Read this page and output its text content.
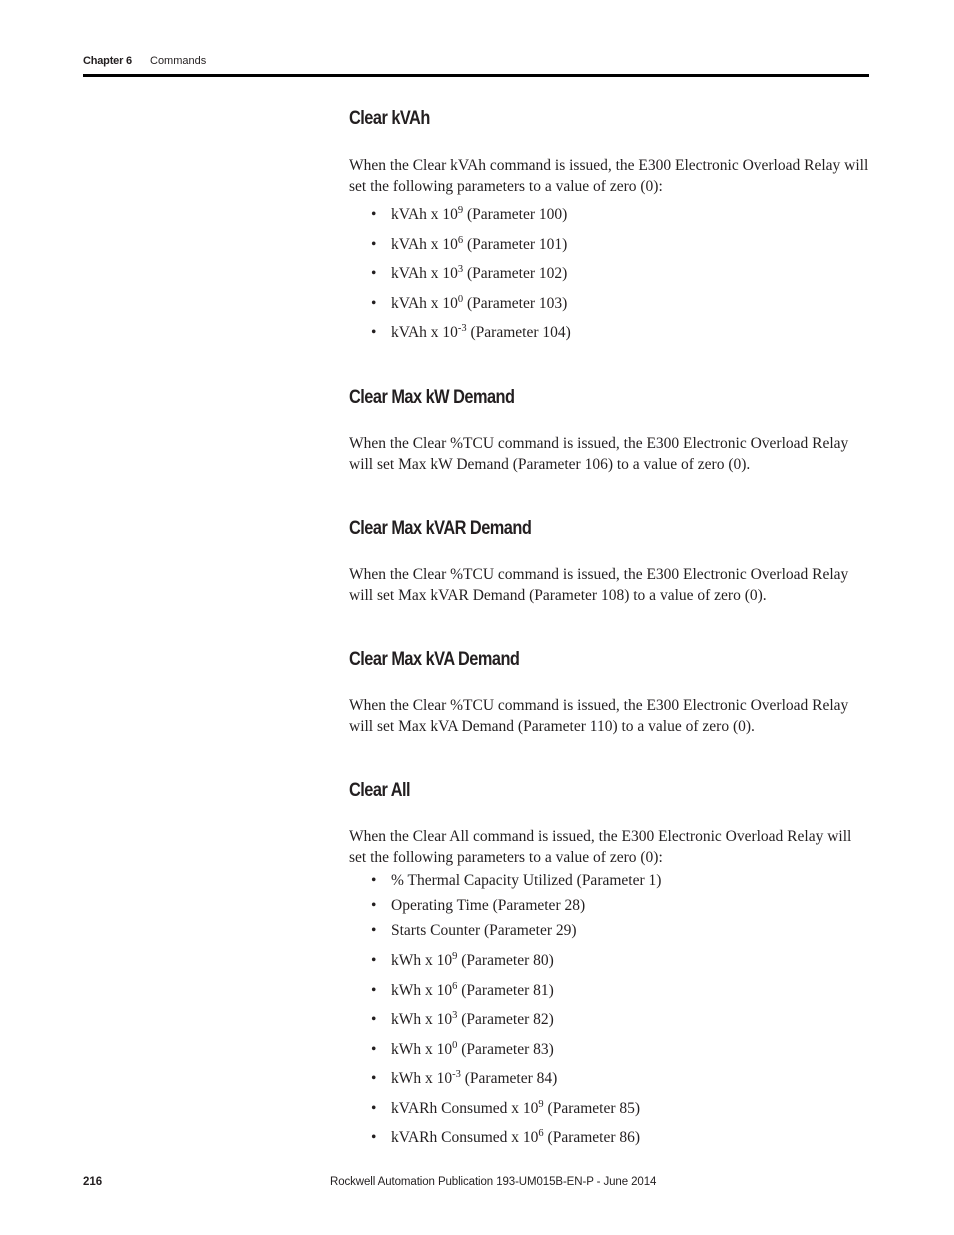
Chapter 6 Commands
Clear kVAh
When the Clear kVAh command is issued, the E300 Electronic Overload Relay will set the following parameters to a value of zero (0):
• kVAh x $10^9$ (Parameter 100)
• kVAh x $10^6$ (Parameter 101)
• kVAh x $10^3$ (Parameter 102)
• kVAh x $10^0$ (Parameter 103)
• kVAh x $10^{-3}$ (Parameter 104)
Clear Max kW Demand
When the Clear %TCU command is issued, the E300 Electronic Overload Relay will set Max kW Demand (Parameter 106) to a value of zero (0).
Clear Max kVAR Demand
When the Clear %TCU command is issued, the E300 Electronic Overload Relay will set Max kVAR Demand (Parameter 108) to a value of zero (0).
Clear Max kVA Demand
When the Clear %TCU command is issued, the E300 Electronic Overload Relay will set Max kVA Demand (Parameter 110) to a value of zero (0).
Clear All
When the Clear All command is issued, the E300 Electronic Overload Relay will set the following parameters to a value of zero (0):
• % Thermal Capacity Utilized (Parameter 1)
• Operating Time (Parameter 28)
• Starts Counter (Parameter 29)
• kWh x $10^9$ (Parameter 80)
• kWh x $10^6$ (Parameter 81)
• kWh x $10^3$ (Parameter 82)
• kWh x $10^0$ (Parameter 83)
• kWh x $10^{-3}$ (Parameter 84)
• kVARh Consumed x $10^9$ (Parameter 85)
• kVARh Consumed x $10^6$ (Parameter 86)
216	Rockwell Automation Publication 193-UM015B-EN-P - June 2014
